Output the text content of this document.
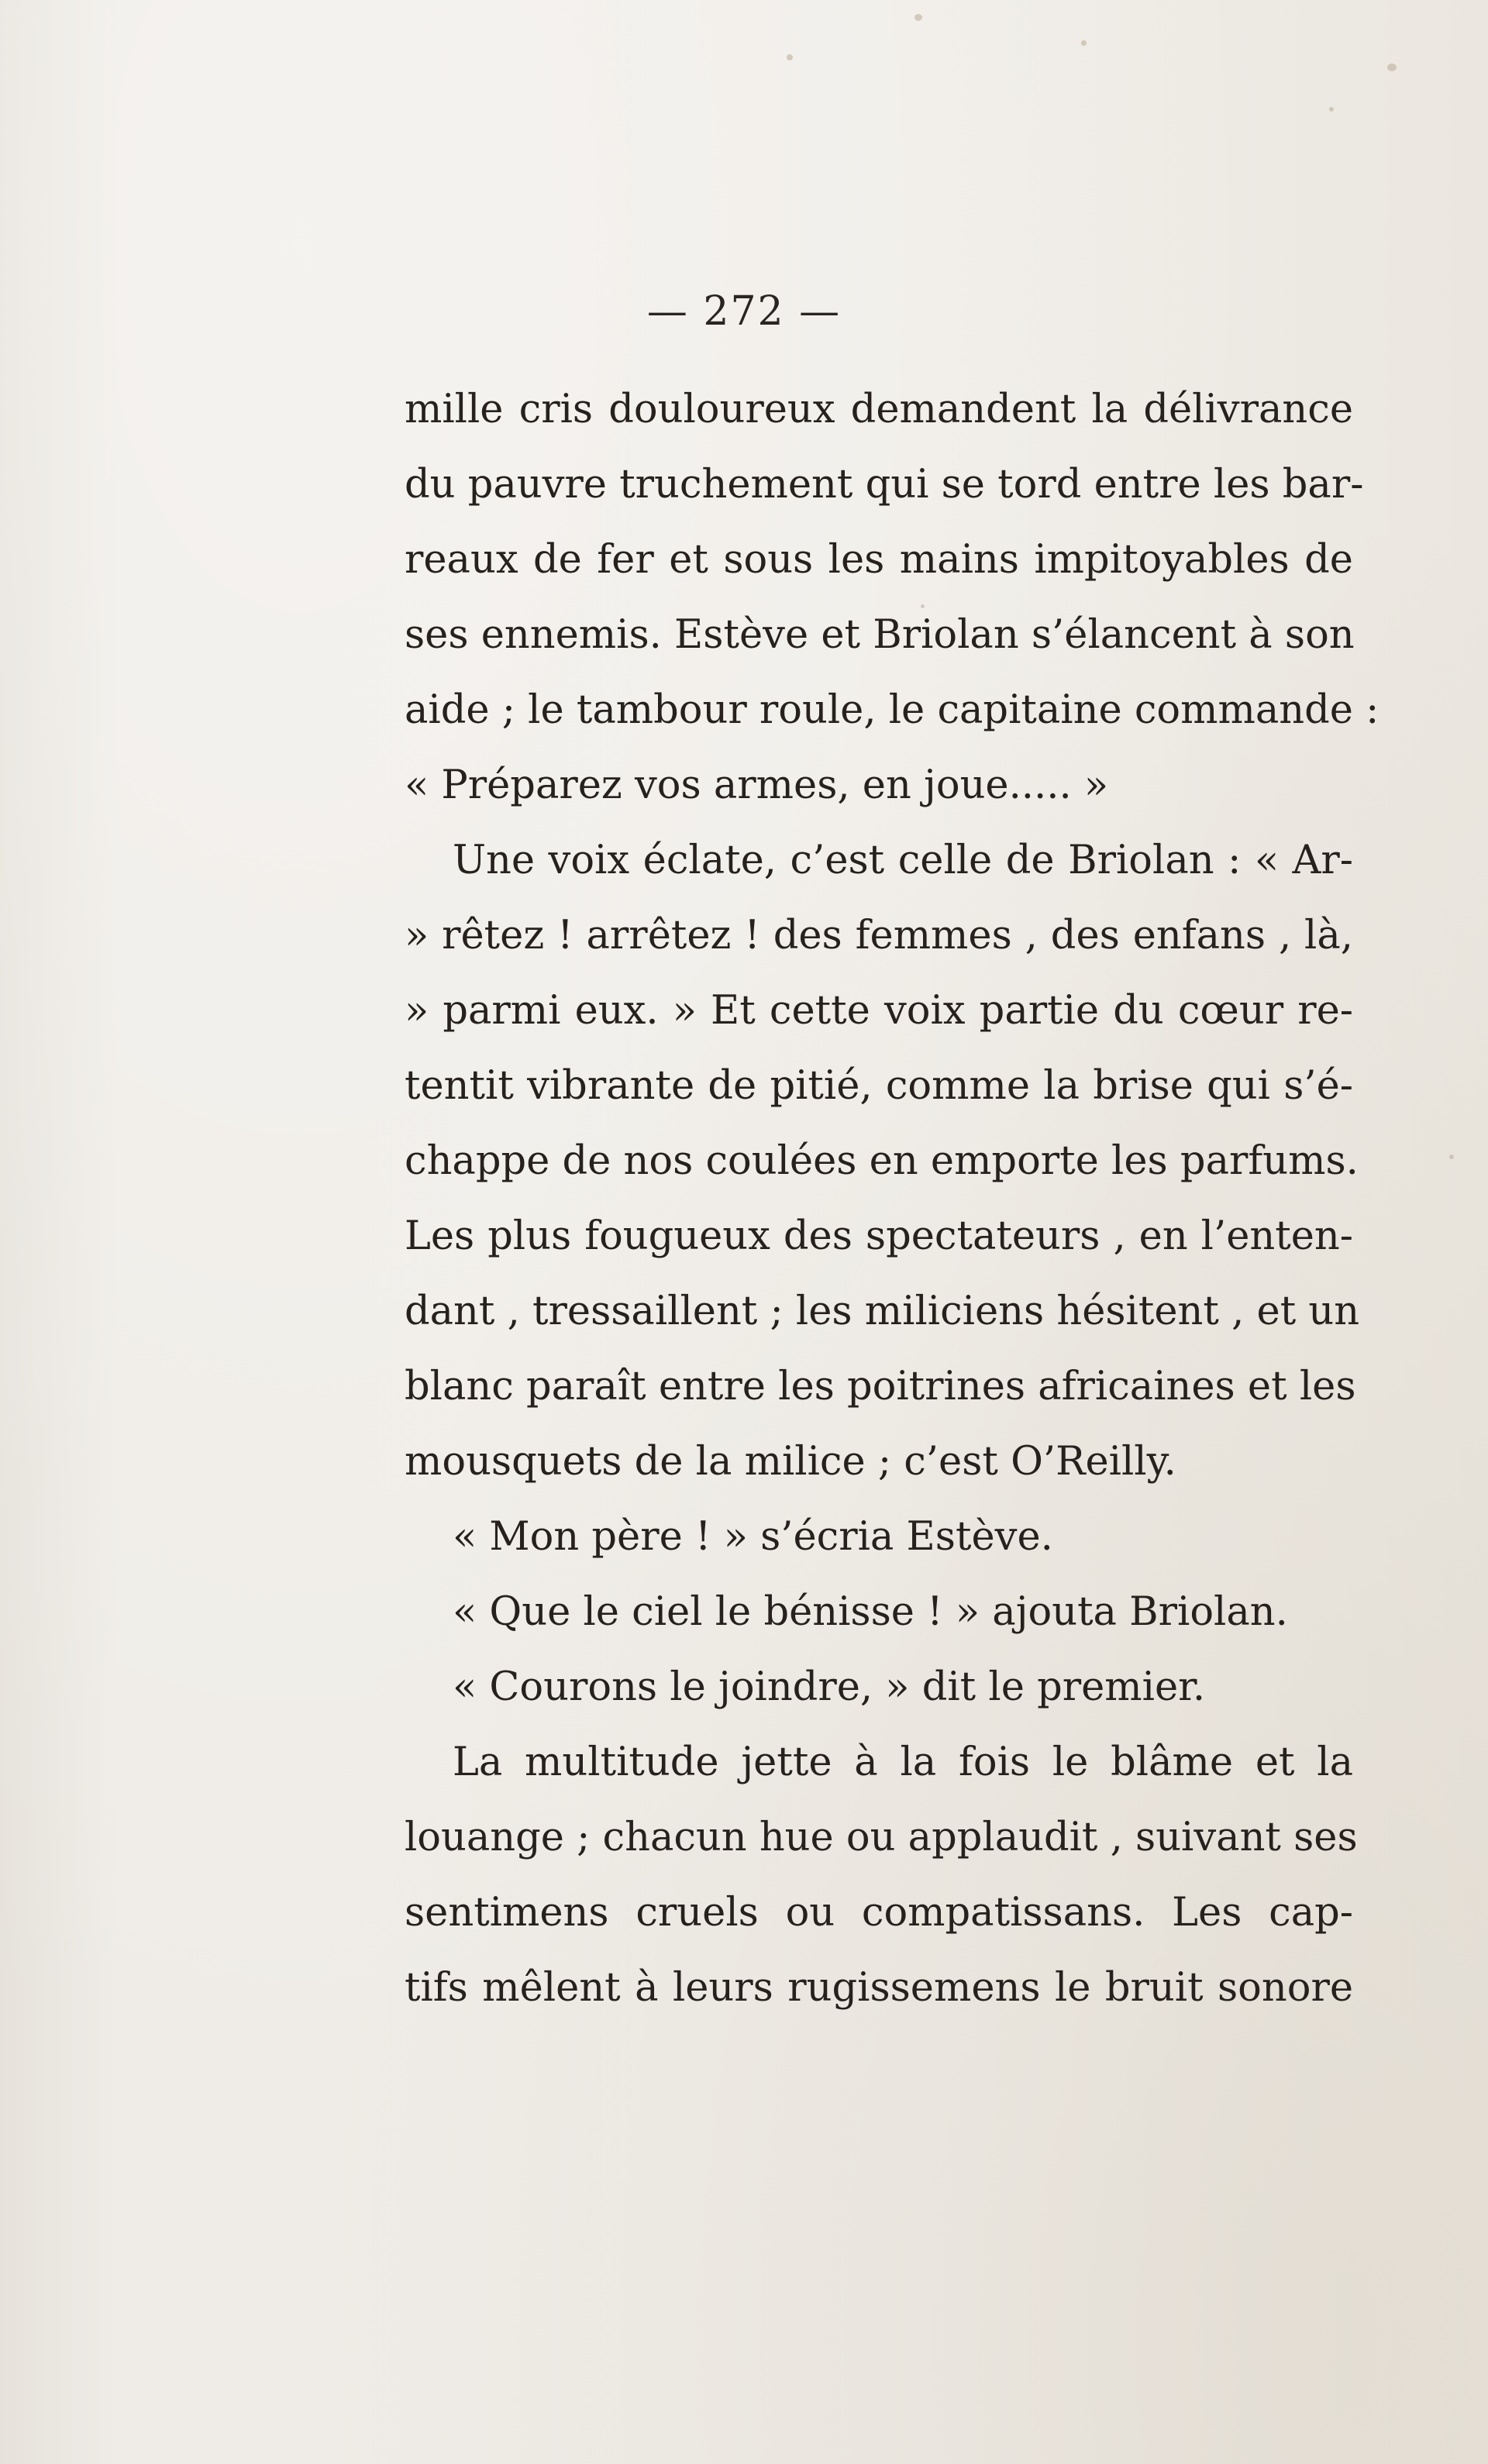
— 272 —
mille cris douloureux demandent la délivrance
du pauvre truchement qui se tord entre les bar-
reaux de fer et sous les mains impitoyables de
ses ennemis. Estève et Briolan s’élancent à son
aide ; le tambour roule, le capitaine commande :
« Préparez vos armes, en joue..... »
Une voix éclate, c’est celle de Briolan : « Ar-
» rêtez ! arrêtez ! des femmes , des enfans , là,
» parmi eux. » Et cette voix partie du cœur re-
tentit vibrante de pitié, comme la brise qui s’é-
chappe de nos coulées en emporte les parfums.
Les plus fougueux des spectateurs , en l’enten-
dant , tressaillent ; les miliciens hésitent , et un
blanc paraît entre les poitrines africaines et les
mousquets de la milice ; c’est O’Reilly.
« Mon père ! » s’écria Estève.
« Que le ciel le bénisse ! » ajouta Briolan.
« Courons le joindre, » dit le premier.
La multitude jette à la fois le blâme et la
louange ; chacun hue ou applaudit , suivant ses
sentimens cruels ou compatissans. Les cap-
tifs mêlent à leurs rugissemens le bruit sonore
